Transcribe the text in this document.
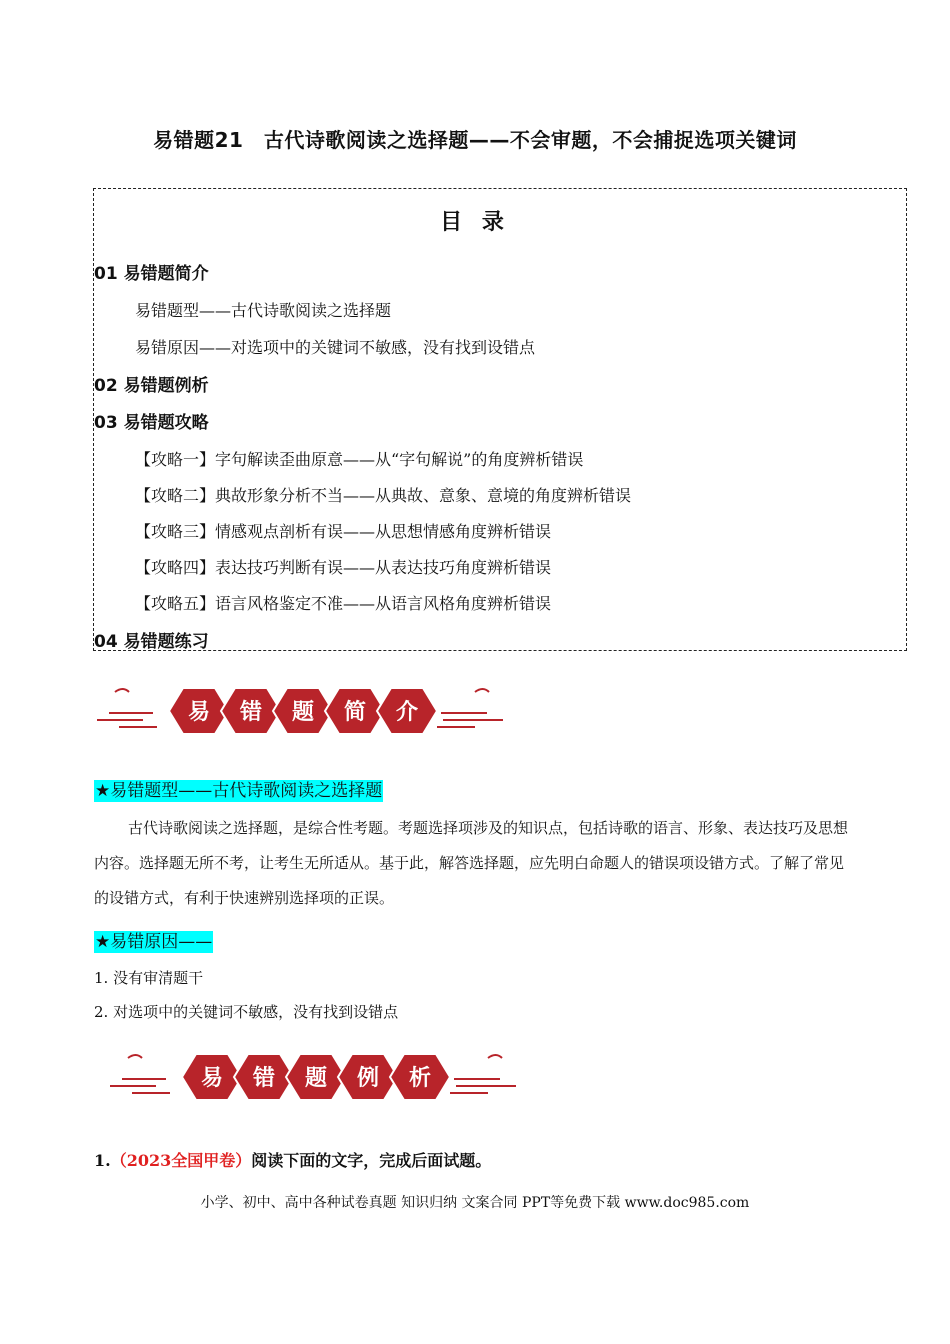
易错题21　古代诗歌阅读之选择题——不会审题，不会捕捉选项关键词
目 录
01 易错题简介
易错题型——古代诗歌阅读之选择题
易错原因——对选项中的关键词不敏感，没有找到设错点
02 易错题例析
03 易错题攻略
【攻略一】字句解读歪曲原意——从“字句解说”的角度辨析错误
【攻略二】典故形象分析不当——从典故、意象、意境的角度辨析错误
【攻略三】情感观点剖析有误——从思想情感角度辨析错误
【攻略四】表达技巧判断有误——从表达技巧角度辨析错误
【攻略五】语言风格鉴定不准——从语言风格角度辨析错误
04 易错题练习
易 错 题 简 介
★易错题型——古代诗歌阅读之选择题
古代诗歌阅读之选择题，是综合性考题。考题选择项涉及的知识点，包括诗歌的语言、形象、表达技巧及思想内容。选择题无所不考，让考生无所适从。基于此，解答选择题，应先明白命题人的错误项设错方式。了解了常见的设错方式，有利于快速辨别选择项的正误。
★易错原因——
1. 没有审清题干
2. 对选项中的关键词不敏感，没有找到设错点
易 错 题 例 析
1.（2023全国甲卷）阅读下面的文字，完成后面试题。
小学、初中、高中各种试卷真题 知识归纳 文案合同 PPT等免费下载 www.doc985.com
